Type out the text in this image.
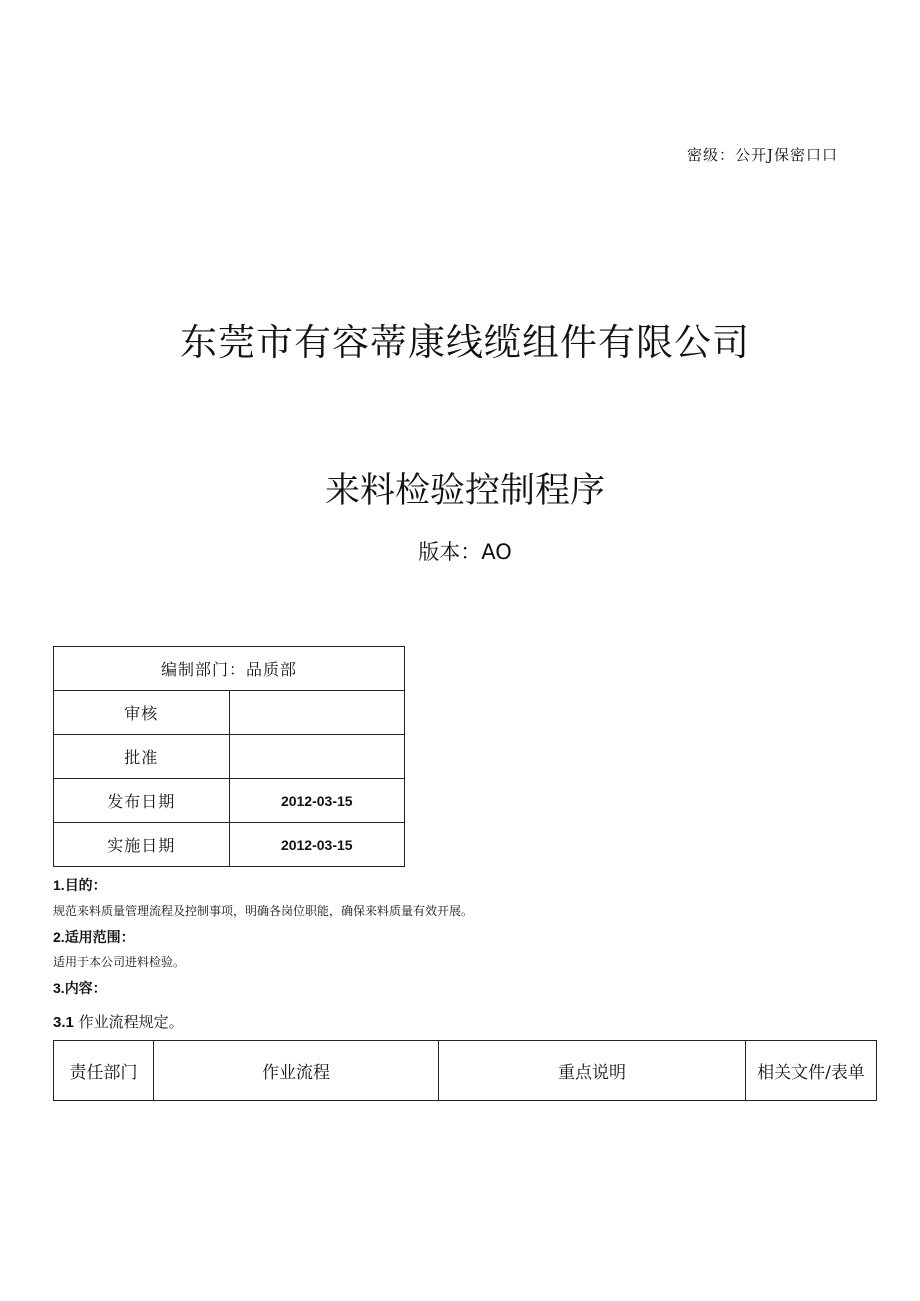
密级：公开J保密口口
东莞市有容蒂康线缆组件有限公司
来料检验控制程序
版本：AO
编制部门：品质部	
审核	
批准	
发布日期	2012-03-15
实施日期	2012-03-15
1.目的：
规范来料质量管理流程及控制事项，明确各岗位职能，确保来料质量有效开展。
2.适用范围：
适用于本公司进料检验。
3.内容：
3.1 作业流程规定。
责任部门	作业流程	重点说明	相关文件/表单
